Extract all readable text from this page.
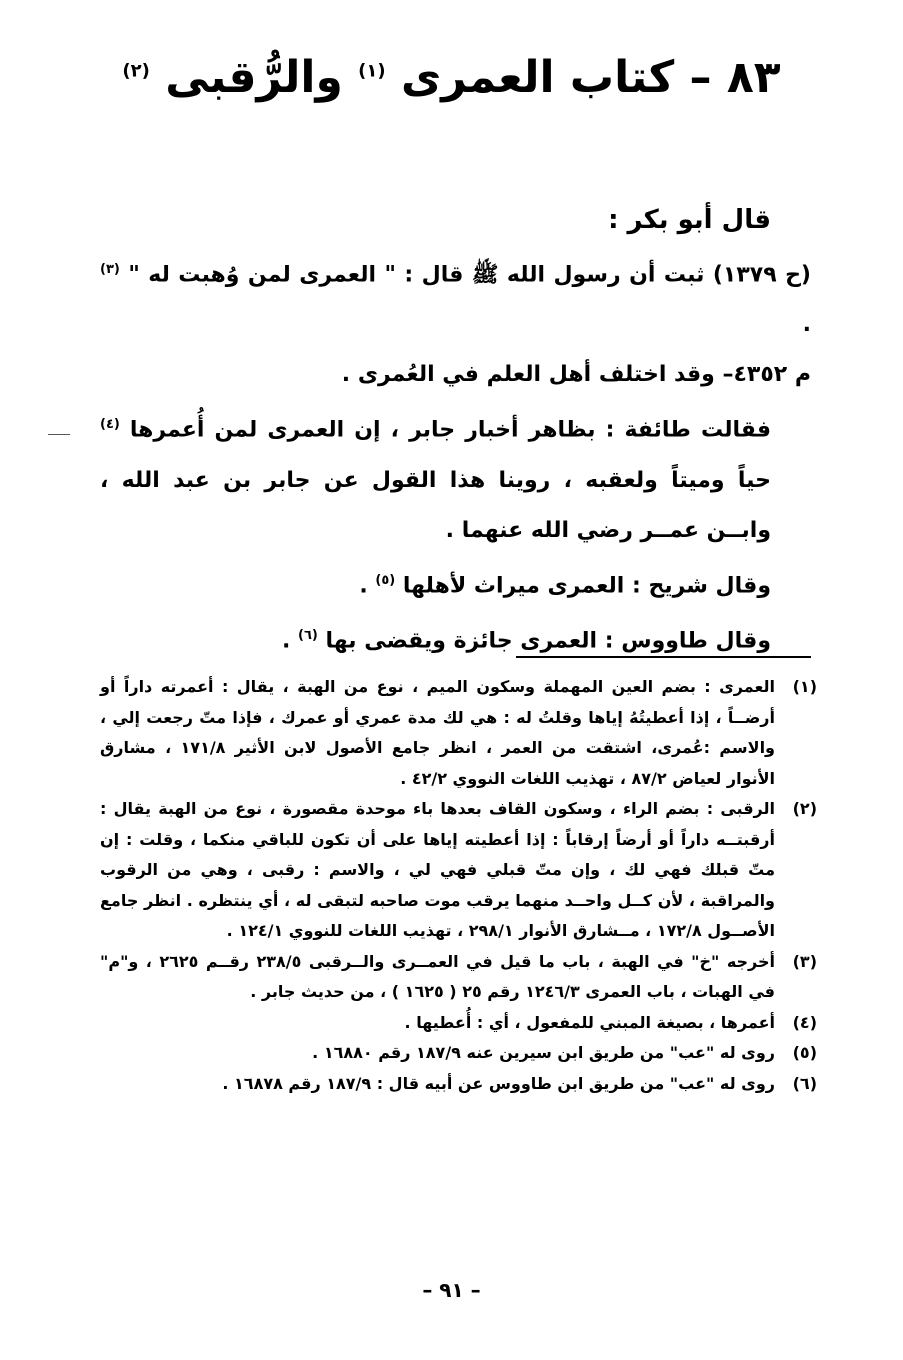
٨٣ – كتاب العمرى $^{(١)}$ والرُّقبى $^{(٢)}$

قال أبو بكر :

(ح ١٣٧٩) ثبت أن رسول الله ﷺ قال : " العمرى لمن وُهبت له " $^{(٣)}$ .

م ٤٣٥٢– وقد اختلف أهل العلم في العُمرى .

فقالت طائفة : بظاهر أخبار جابر ، إن العمرى لمن أُعمرها $^{(٤)}$ حياً وميتاً ولعقبه ، روينا هذا القول عن جابر بن عبد الله ، وابــن عمــر رضي الله عنهما .

وقال شريح : العمرى ميراث لأهلها $^{(٥)}$ .

وقال طاووس : العمرى جائزة ويقضى بها $^{(٦)}$ .

(١)
العمرى : بضم العين المهملة وسكون الميم ، نوع من الهبة ، يقال : أعمرته داراً أو أرضــاً ، إذا أعطيتُهُ إياها وقلتُ له : هي لك مدة عمري أو عمرك ، فإذا متّ رجعت إلي ، والاسم :عُمرى، اشتقت من العمر ، انظر جامع الأصول لابن الأثير ١٧١/٨ ، مشارق الأنوار لعياض ٨٧/٢ ، تهذيب اللغات النووي ٤٢/٢ .
(٢)
الرقبى : بضم الراء ، وسكون القاف بعدها باء موحدة مقصورة ، نوع من الهبة يقال : أرقبتــه داراً أو أرضاً إرقاباً : إذا أعطيته إياها على أن تكون للباقي منكما ، وقلت : إن متّ قبلك فهي لك ، وإن متّ قبلي فهي لي ، والاسم : رقبى ، وهي من الرقوب والمراقبة ، لأن كــل واحــد منهما يرقب موت صاحبه لتبقى له ، أي ينتظره . انظر جامع الأصــول ١٧٢/٨ ، مــشارق الأنوار ٢٩٨/١ ، تهذيب اللغات للنووي ١٢٤/١ .
(٣)
أخرجه "خ" في الهبة ، باب ما قيل في العمــرى والــرقبى ٢٣٨/٥ رقــم ٢٦٢٥ ، و"م" في الهبات ، باب العمرى ١٢٤٦/٣ رقم ٢٥ ( ١٦٢٥ ) ، من حديث جابر .
(٤)
أعمرها ، بصيغة المبني للمفعول ، أي : أُعطيها .
(٥)
روى له "عب" من طريق ابن سيرين عنه ١٨٧/٩ رقم ١٦٨٨٠ .
(٦)
روى له "عب" من طريق ابن طاووس عن أبيه قال : ١٨٧/٩ رقم ١٦٨٧٨ .
– ٩١ –
